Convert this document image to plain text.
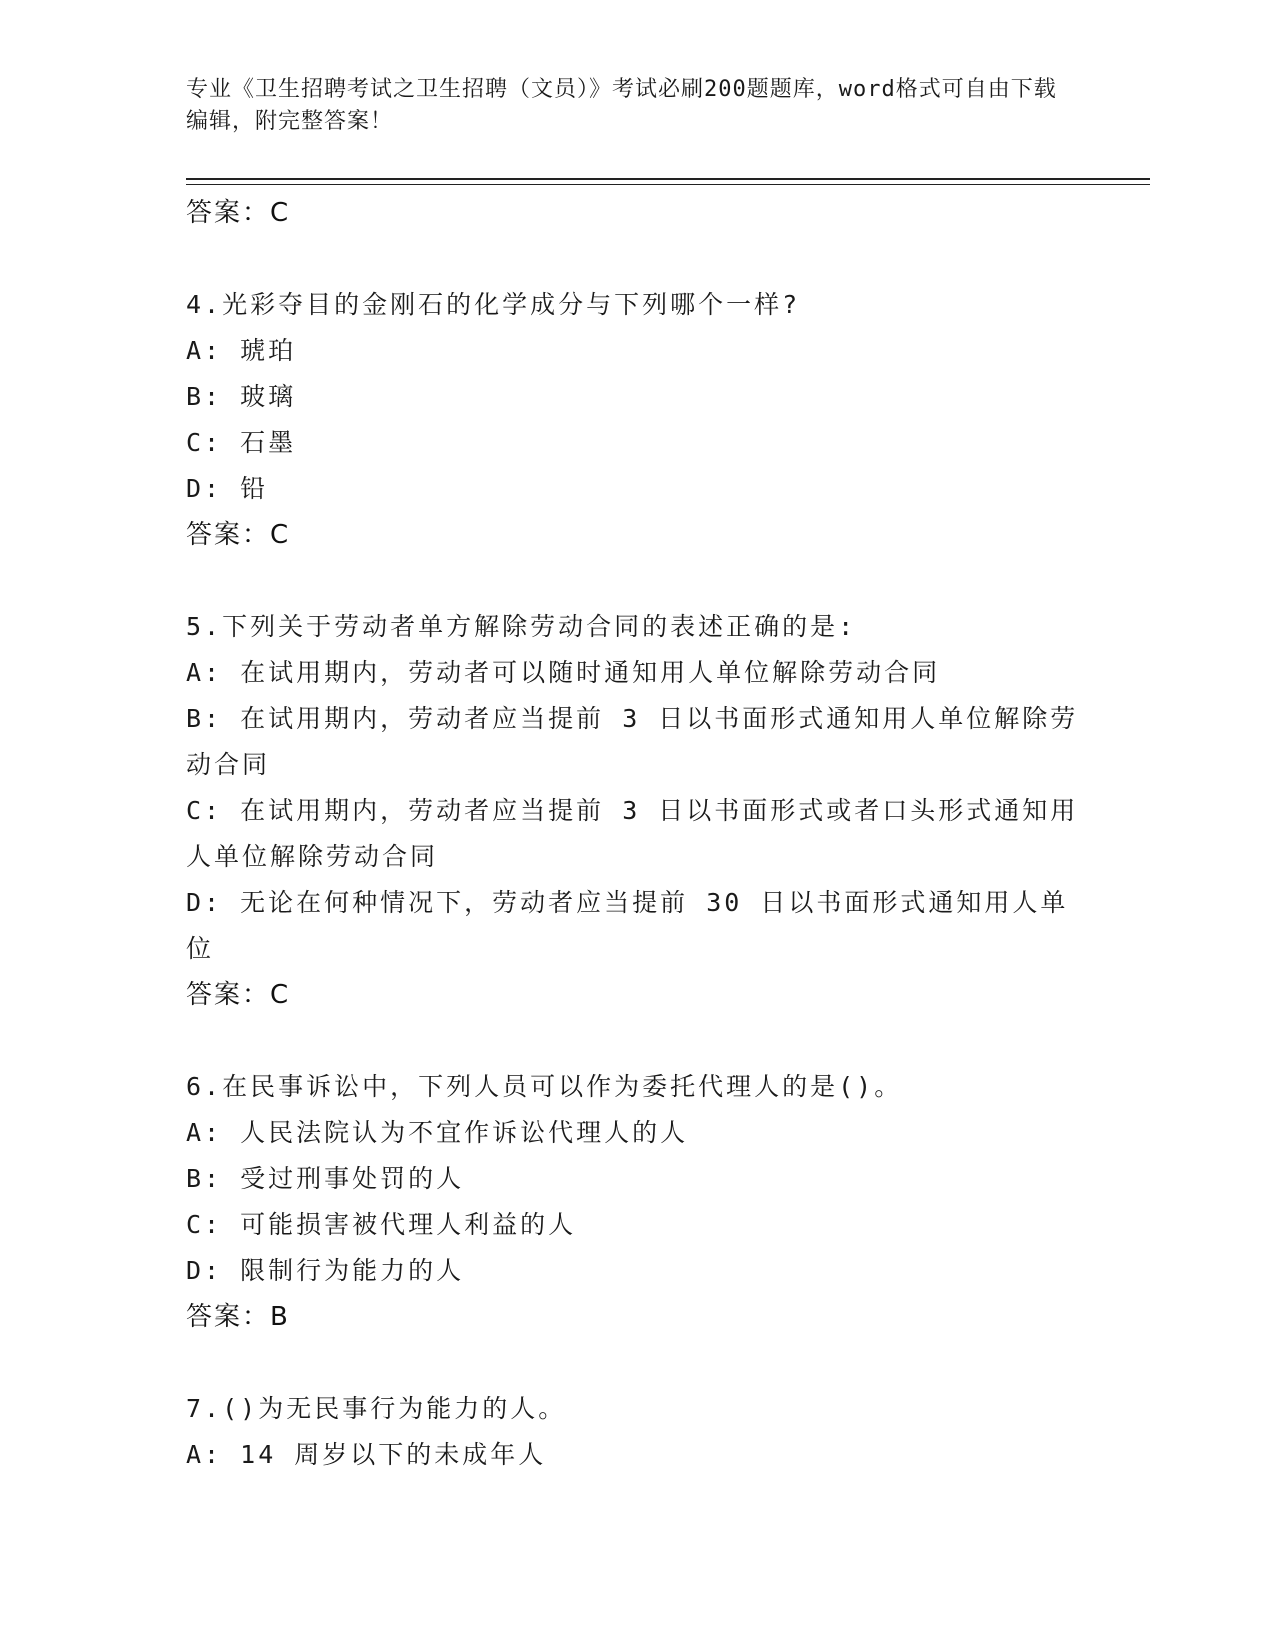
专业《卫生招聘考试之卫生招聘（文员）》考试必刷200题题库，word格式可自由下载编辑，附完整答案！
答案：C
4.光彩夺目的金刚石的化学成分与下列哪个一样?
A: 琥珀
B: 玻璃
C: 石墨
D: 铅
答案：C
5.下列关于劳动者单方解除劳动合同的表述正确的是:
A: 在试用期内，劳动者可以随时通知用人单位解除劳动合同
B: 在试用期内，劳动者应当提前 3 日以书面形式通知用人单位解除劳动合同
C: 在试用期内，劳动者应当提前 3 日以书面形式或者口头形式通知用人单位解除劳动合同
D: 无论在何种情况下，劳动者应当提前 30 日以书面形式通知用人单位
答案：C
6.在民事诉讼中，下列人员可以作为委托代理人的是()。
A: 人民法院认为不宜作诉讼代理人的人
B: 受过刑事处罚的人
C: 可能损害被代理人利益的人
D: 限制行为能力的人
答案：B
7.()为无民事行为能力的人。
A: 14 周岁以下的未成年人
